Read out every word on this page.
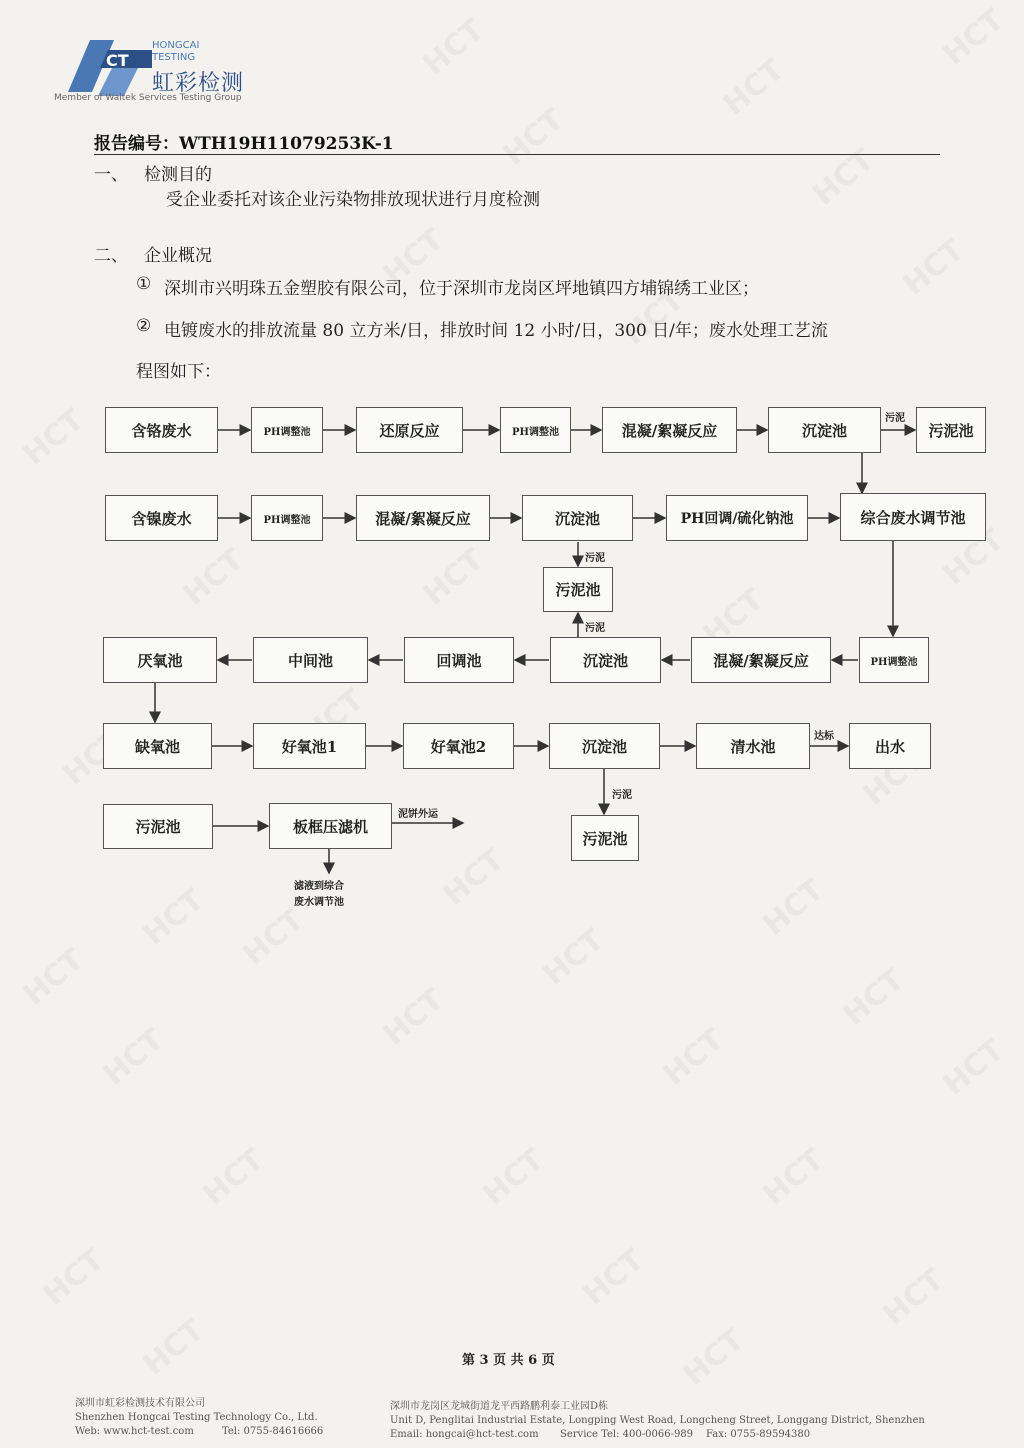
CT
HONGCAI
TESTING
虹彩检测
Member of Waltek Services Testing Group
报告编号：WTH19H11079253K-1
一、 检测目的
受企业委托对该企业污染物排放现状进行月度检测
二、 企业概况
① 深圳市兴明珠五金塑胶有限公司，位于深圳市龙岗区坪地镇四方埔锦绣工业区；
② 电镀废水的排放流量 80 立方米/日，排放时间 12 小时/日，300 日/年；废水处理工艺流
程图如下：
含铬废水	PH调整池	还原反应	PH调整池	混凝/絮凝反应	沉淀池	污泥池
含镍废水	PH调整池	混凝/絮凝反应	沉淀池	PH回调/硫化钠池	综合废水调节池
污泥池
厌氧池	中间池	回调池	沉淀池	混凝/絮凝反应	PH调整池
缺氧池	好氧池1	好氧池2	沉淀池	清水池	出水
污泥池	板框压滤机
污泥池
污泥
污泥
污泥
污泥
达标
泥饼外运
滤液到综合
废水调节池
第 3 页 共 6 页
深圳市虹彩检测技术有限公司
Shenzhen Hongcai Testing Technology Co., Ltd.
Web: www.hct-test.com	Tel: 0755-84616666
深圳市龙岗区龙城街道龙平西路鹏利泰工业园D栋
Unit D, Penglitai Industrial Estate, Longping West Road, Longcheng Street, Longgang District, Shenzhen
Email: hongcai@hct-test.com Service Tel: 400-0066-989 Fax: 0755-89594380
